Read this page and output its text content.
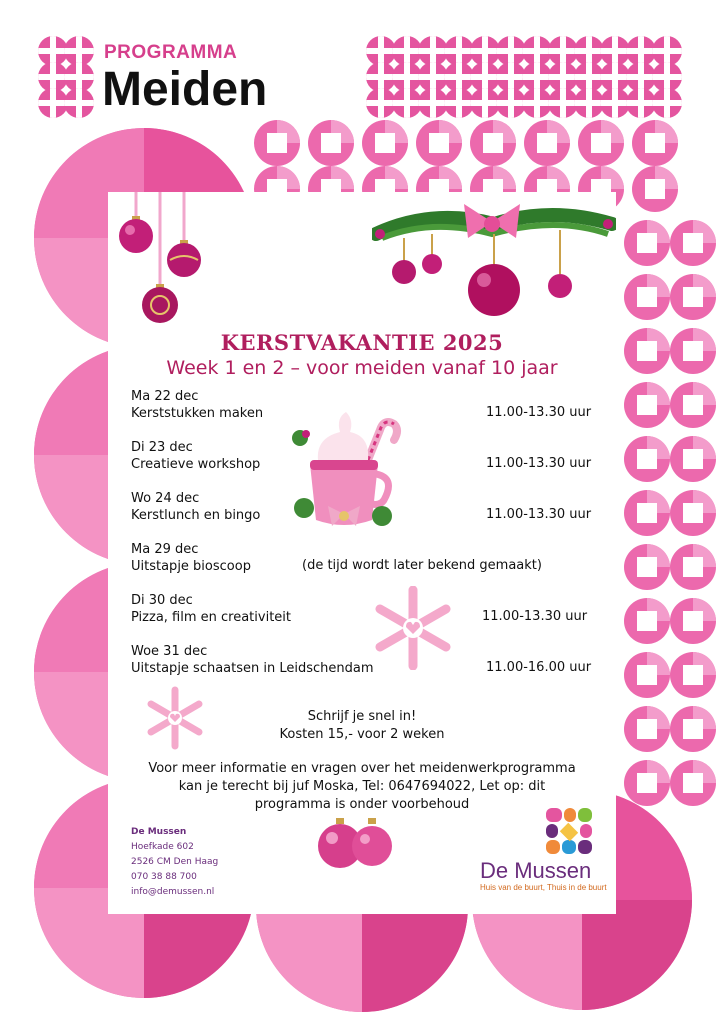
PROGRAMMA
Meiden
KERSTVAKANTIE 2025
Week 1 en 2 – voor meiden vanaf 10 jaar
Ma 22 dec
Kerststukken maken	11.00-13.30 uur
Di 23 dec
Creatieve workshop	11.00-13.30 uur
Wo 24 dec
Kerstlunch en bingo	11.00-13.30 uur
Ma 29 dec
Uitstapje bioscoop	(de tijd wordt later bekend gemaakt)
Di 30 dec
Pizza, film en creativiteit	11.00-13.30 uur
Woe 31 dec
Uitstapje schaatsen in Leidschendam	11.00-16.00 uur
Schrijf je snel in!
Kosten 15,- voor 2 weken
Voor meer informatie en vragen over het meidenwerkprogramma
kan je terecht bij juf Moska, Tel: 0647694022, Let op: dit
programma is onder voorbehoud
De Mussen
Hoefkade 602
2526 CM Den Haag
070 38 88 700
info@demussen.nl
De Mussen
Huis van de buurt, Thuis in de buurt
